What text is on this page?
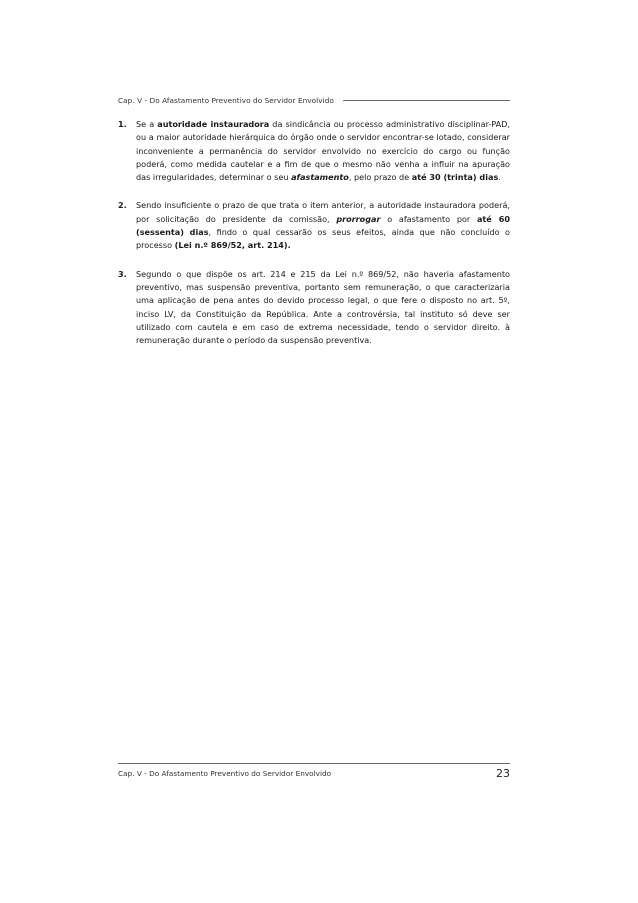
Cap. V - Do Afastamento Preventivo do Servidor Envolvido
1.	Se a autoridade instauradora da sindicância ou processo administrativo disciplinar-PAD, ou a maior autoridade hierárquica do órgão onde o servidor encontrar-se lotado, considerar inconveniente a permanência do servidor envolvido no exercício do cargo ou função poderá, como medida cautelar e a fim de que o mesmo não venha a influir na apuração das irregularidades, determinar o seu afastamento, pelo prazo de até 30 (trinta) dias.
2.	Sendo insuficiente o prazo de que trata o item anterior, a autoridade instauradora poderá, por solicitação do presidente da comissão, prorrogar o afastamento por até 60 (sessenta) dias, findo o qual cessarão os seus efeitos, ainda que não concluído o processo (Lei n.º 869/52, art. 214).
3.	Segundo o que dispõe os art. 214 e 215 da Lei n.º 869/52, não haveria afastamento preventivo, mas suspensão preventiva, portanto sem remuneração, o que caracterizaria uma aplicação de pena antes do devido processo legal, o que fere o disposto no art. 5º, inciso LV, da Constituição da República. Ante a controvérsia, tal instituto só deve ser utilizado com cautela e em caso de extrema necessidade, tendo o servidor direito. à remuneração durante o período da suspensão preventiva.
Cap. V - Do Afastamento Preventivo do Servidor Envolvido	23
